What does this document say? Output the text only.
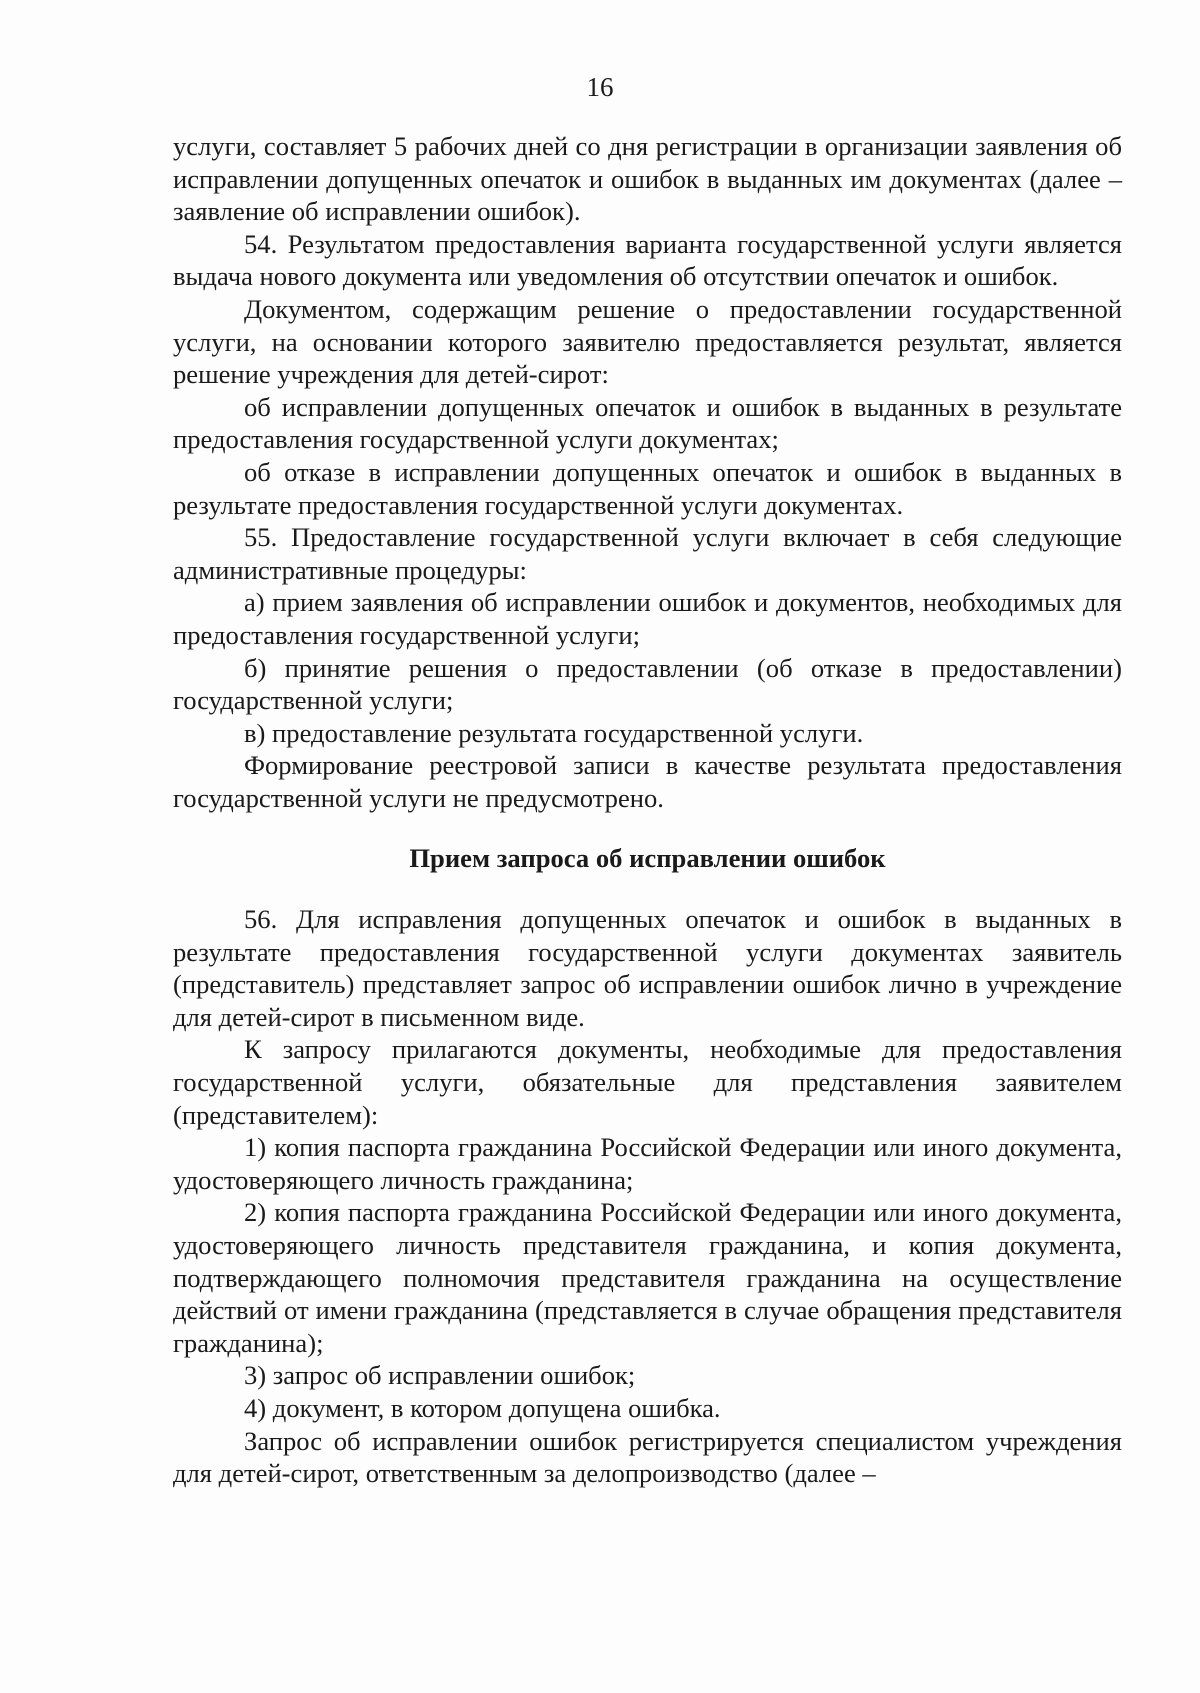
16

услуги, составляет 5 рабочих дней со дня регистрации в организации заявления об исправлении допущенных опечаток и ошибок в выданных им документах (далее – заявление об исправлении ошибок).

54. Результатом предоставления варианта государственной услуги является выдача нового документа или уведомления об отсутствии опечаток и ошибок.

Документом, содержащим решение о предоставлении государственной услуги, на основании которого заявителю предоставляется результат, является решение учреждения для детей-сирот:

об исправлении допущенных опечаток и ошибок в выданных в результате предоставления государственной услуги документах;

об отказе в исправлении допущенных опечаток и ошибок в выданных в результате предоставления государственной услуги документах.

55. Предоставление государственной услуги включает в себя следующие административные процедуры:

а) прием заявления об исправлении ошибок и документов, необходимых для предоставления государственной услуги;

б) принятие решения о предоставлении (об отказе в предоставлении) государственной услуги;

в) предоставление результата государственной услуги.

Формирование реестровой записи в качестве результата предоставления государственной услуги не предусмотрено.

Прием запроса об исправлении ошибок

56. Для исправления допущенных опечаток и ошибок в выданных в результате предоставления государственной услуги документах заявитель (представитель) представляет запрос об исправлении ошибок лично в учреждение для детей-сирот в письменном виде.

К запросу прилагаются документы, необходимые для предоставления государственной услуги, обязательные для представления заявителем (представителем):

1) копия паспорта гражданина Российской Федерации или иного документа, удостоверяющего личность гражданина;

2) копия паспорта гражданина Российской Федерации или иного документа, удостоверяющего личность представителя гражданина, и копия документа, подтверждающего полномочия представителя гражданина на осуществление действий от имени гражданина (представляется в случае обращения представителя гражданина);

3) запрос об исправлении ошибок;

4) документ, в котором допущена ошибка.

Запрос об исправлении ошибок регистрируется специалистом учреждения для детей-сирот, ответственным за делопроизводство (далее –
